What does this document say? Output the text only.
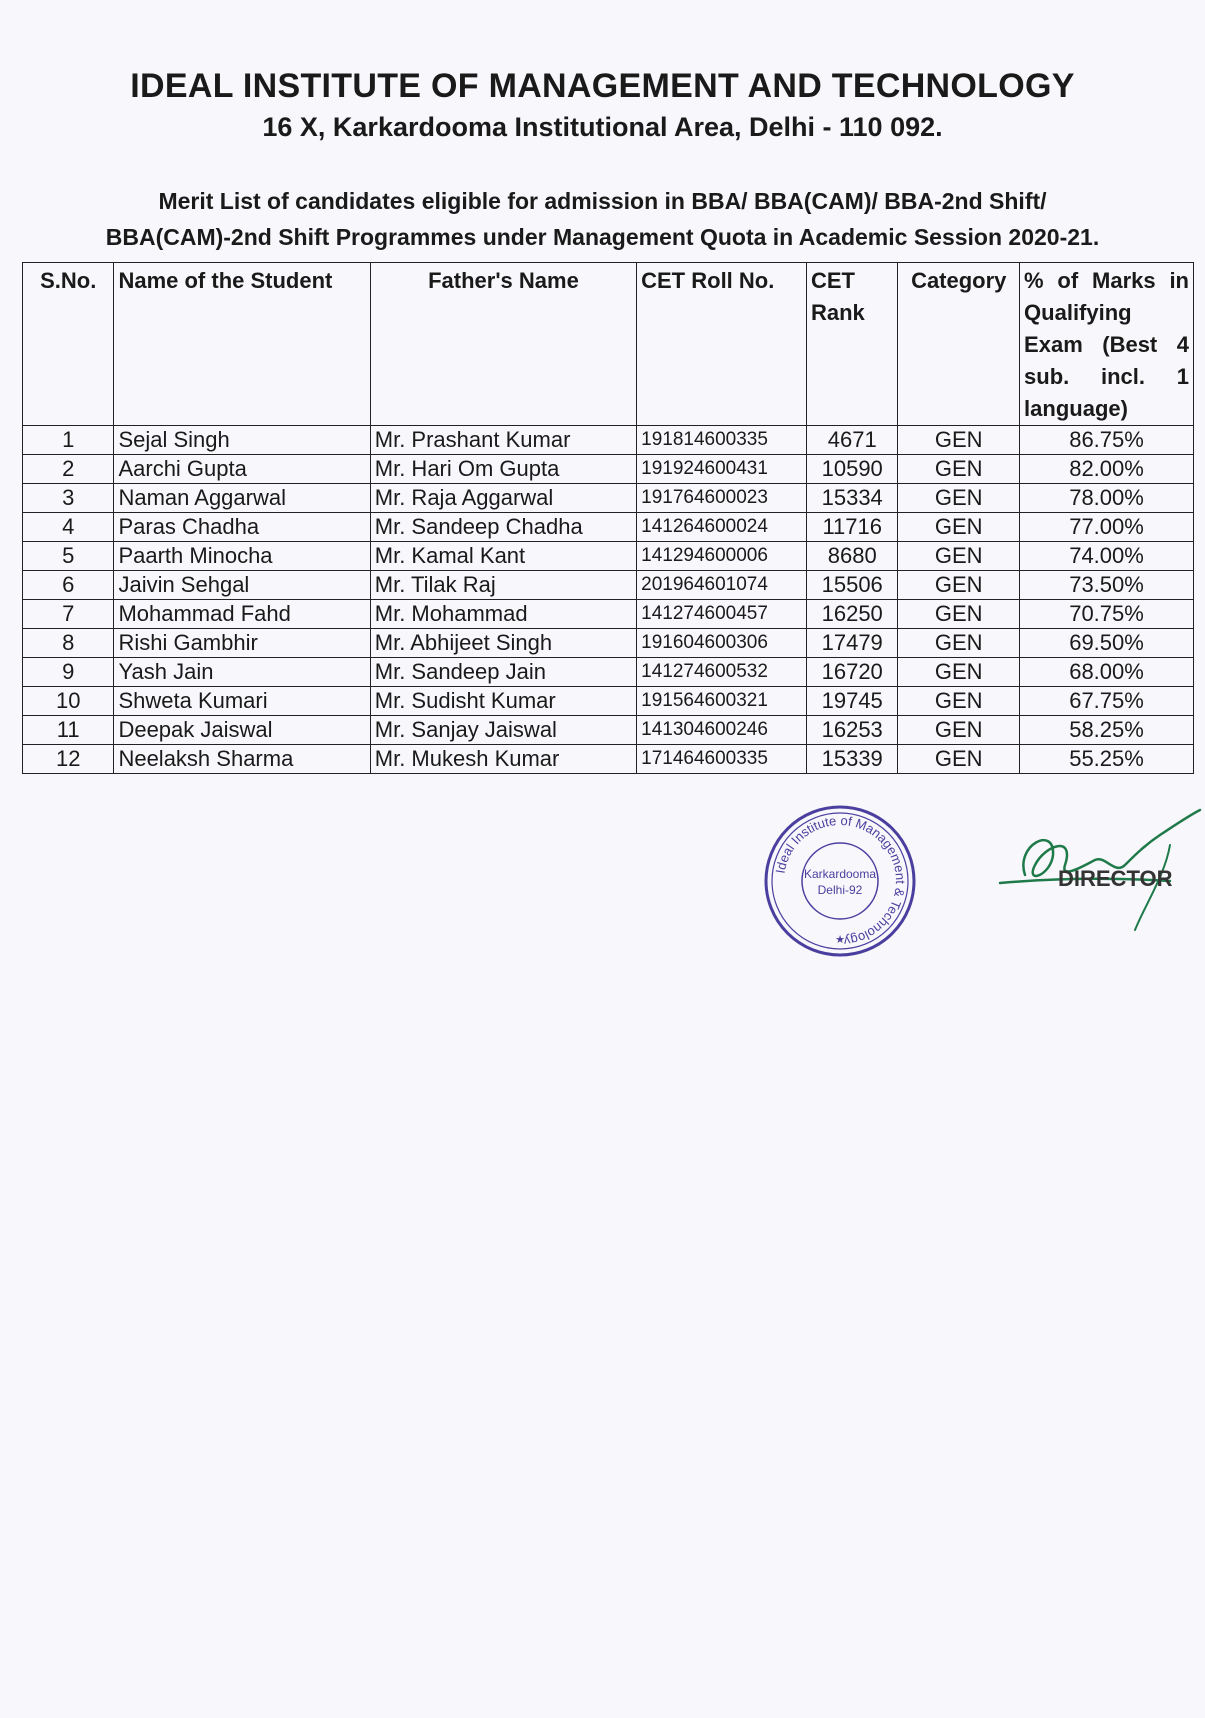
IDEAL INSTITUTE OF MANAGEMENT AND TECHNOLOGY
16 X, Karkardooma Institutional Area, Delhi - 110 092.
Merit List of candidates eligible for admission in BBA/ BBA(CAM)/ BBA-2nd Shift/
BBA(CAM)-2nd Shift Programmes under Management Quota in Academic Session 2020-21.
S.No.	Name of the Student	Father's Name	CET Roll No.	CET Rank	Category	% of Marks in Qualifying Exam (Best 4 sub. incl. 1 language)
1	Sejal Singh	Mr. Prashant Kumar	191814600335	4671	GEN	86.75%
2	Aarchi Gupta	Mr. Hari Om Gupta	191924600431	10590	GEN	82.00%
3	Naman Aggarwal	Mr. Raja Aggarwal	191764600023	15334	GEN	78.00%
4	Paras Chadha	Mr. Sandeep Chadha	141264600024	11716	GEN	77.00%
5	Paarth Minocha	Mr. Kamal Kant	141294600006	8680	GEN	74.00%
6	Jaivin Sehgal	Mr. Tilak Raj	201964601074	15506	GEN	73.50%
7	Mohammad Fahd	Mr. Mohammad	141274600457	16250	GEN	70.75%
8	Rishi Gambhir	Mr. Abhijeet Singh	191604600306	17479	GEN	69.50%
9	Yash Jain	Mr. Sandeep Jain	141274600532	16720	GEN	68.00%
10	Shweta Kumari	Mr. Sudisht Kumar	191564600321	19745	GEN	67.75%
11	Deepak Jaiswal	Mr. Sanjay Jaiswal	141304600246	16253	GEN	58.25%
12	Neelaksh Sharma	Mr. Mukesh Kumar	171464600335	15339	GEN	55.25%
Ideal Institute of Management & Technology
Karkardooma
Delhi-92
★
DIRECTOR
